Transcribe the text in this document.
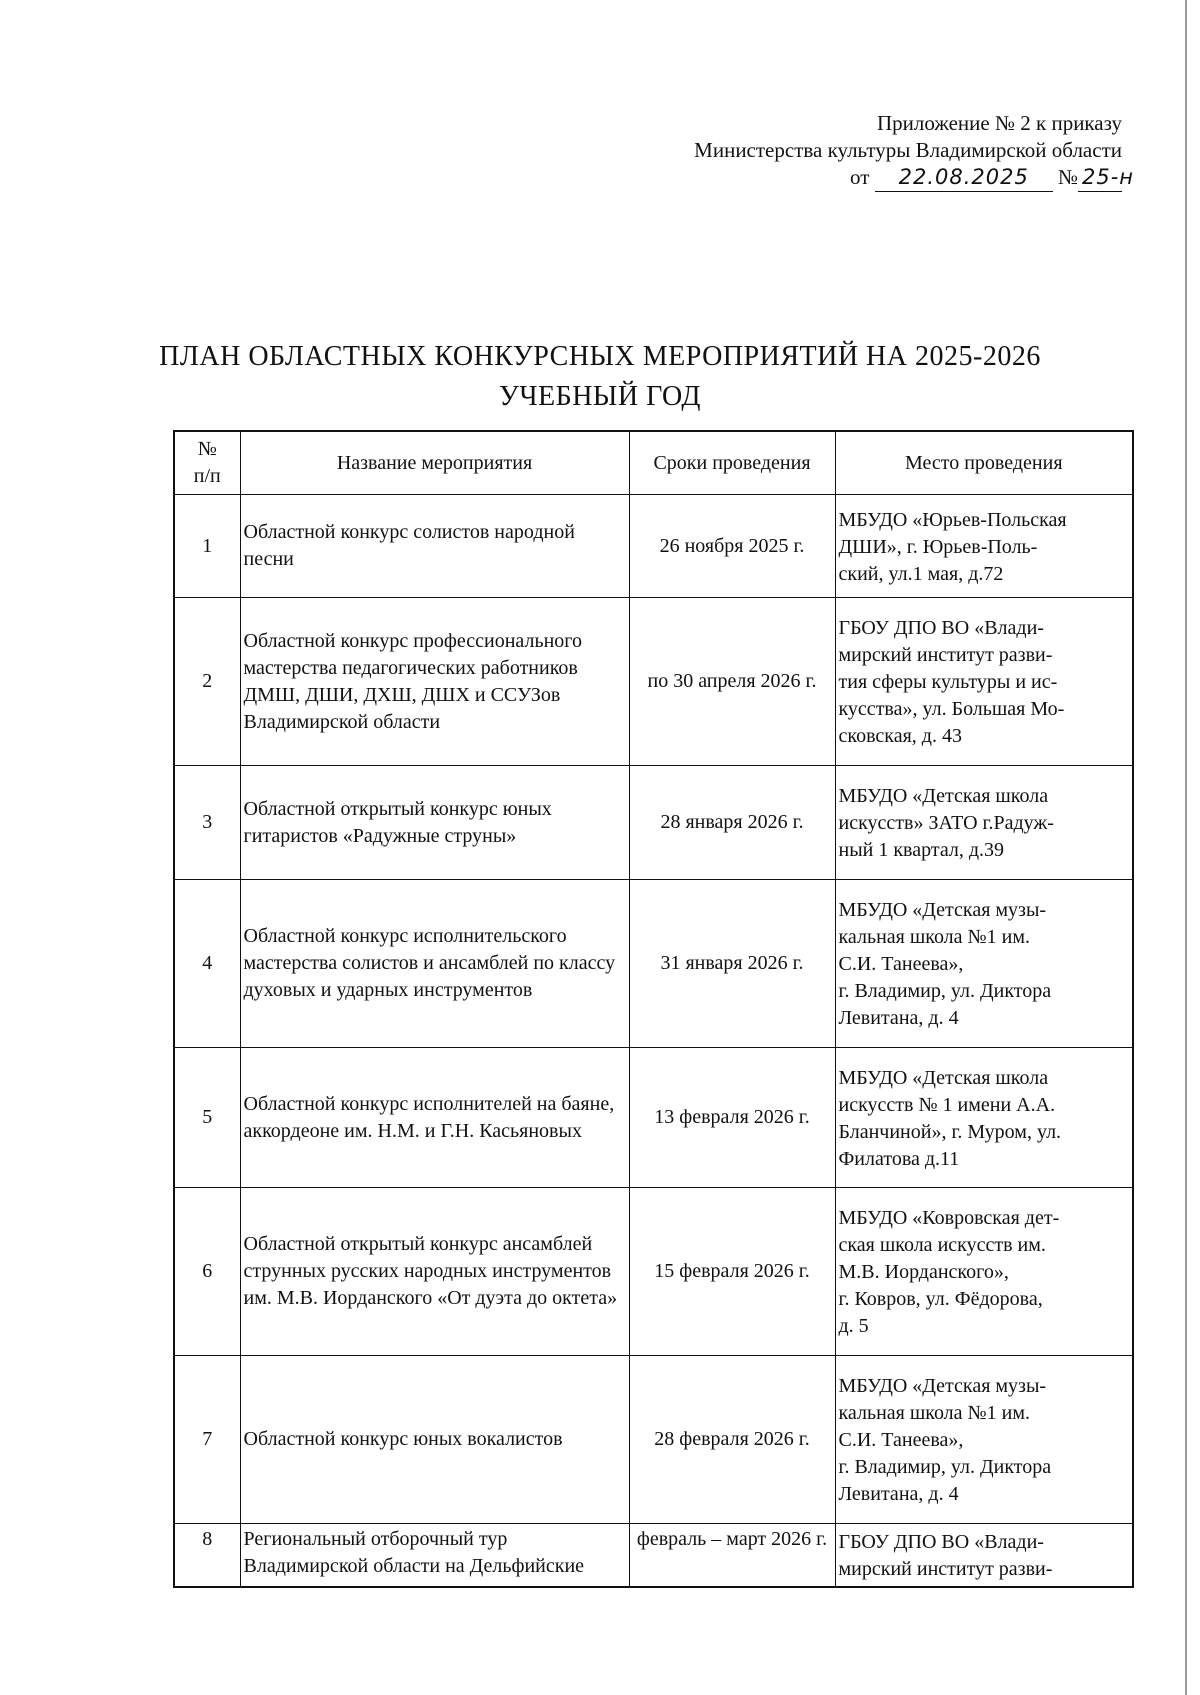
Приложение № 2 к приказу
Министерства культуры Владимирской области
от 22.08.2025 № 25-н
ПЛАН ОБЛАСТНЫХ КОНКУРСНЫХ МЕРОПРИЯТИЙ НА 2025-2026
УЧЕБНЫЙ ГОД
№
п/п	Название мероприятия	Сроки проведения	Место проведения
1	Областной конкурс солистов народной песни	26 ноября 2025 г.	МБУДО «Юрьев-Польская
ДШИ», г. Юрьев-Поль-
ский, ул.1 мая, д.72

2	Областной конкурс профессионального мастерства педагогических работников ДМШ, ДШИ, ДХШ, ДШХ и ССУЗов Владимирской области	по 30 апреля 2026 г.	ГБОУ ДПО ВО «Влади-
мирский институт разви-
тия сферы культуры и ис-
кусства», ул. Большая Мо-
сковская, д. 43

3	Областной открытый конкурс юных гитаристов «Радужные струны»	28 января 2026 г.	МБУДО «Детская школа
искусств» ЗАТО г.Радуж-
ный 1 квартал, д.39

4	Областной конкурс исполнительского мастерства солистов и ансамблей по классу духовых и ударных инструментов	31 января 2026 г.	МБУДО «Детская музы-
кальная школа №1 им.
С.И. Танеева»,
г. Владимир, ул. Диктора
Левитана, д. 4

5	Областной конкурс исполнителей на баяне, аккордеоне им. Н.М. и Г.Н. Касьяновых	13 февраля 2026 г.	МБУДО «Детская школа
искусств № 1 имени А.А.
Бланчиной», г. Муром, ул.
Филатова д.11

6	Областной открытый конкурс ансамблей струнных русских народных инструментов им. М.В. Иорданского «От дуэта до октета»	15 февраля 2026 г.	МБУДО «Ковровская дет-
ская школа искусств им.
М.В. Иорданского»,
г. Ковров, ул. Фёдорова,
д. 5

7	Областной конкурс юных вокалистов	28 февраля 2026 г.	МБУДО «Детская музы-
кальная школа №1 им.
С.И. Танеева»,
г. Владимир, ул. Диктора
Левитана, д. 4

8	Региональный отборочный тур Владимирской области на Дельфийские	февраль – март 2026 г.	ГБОУ ДПО ВО «Влади-
мирский институт разви-
